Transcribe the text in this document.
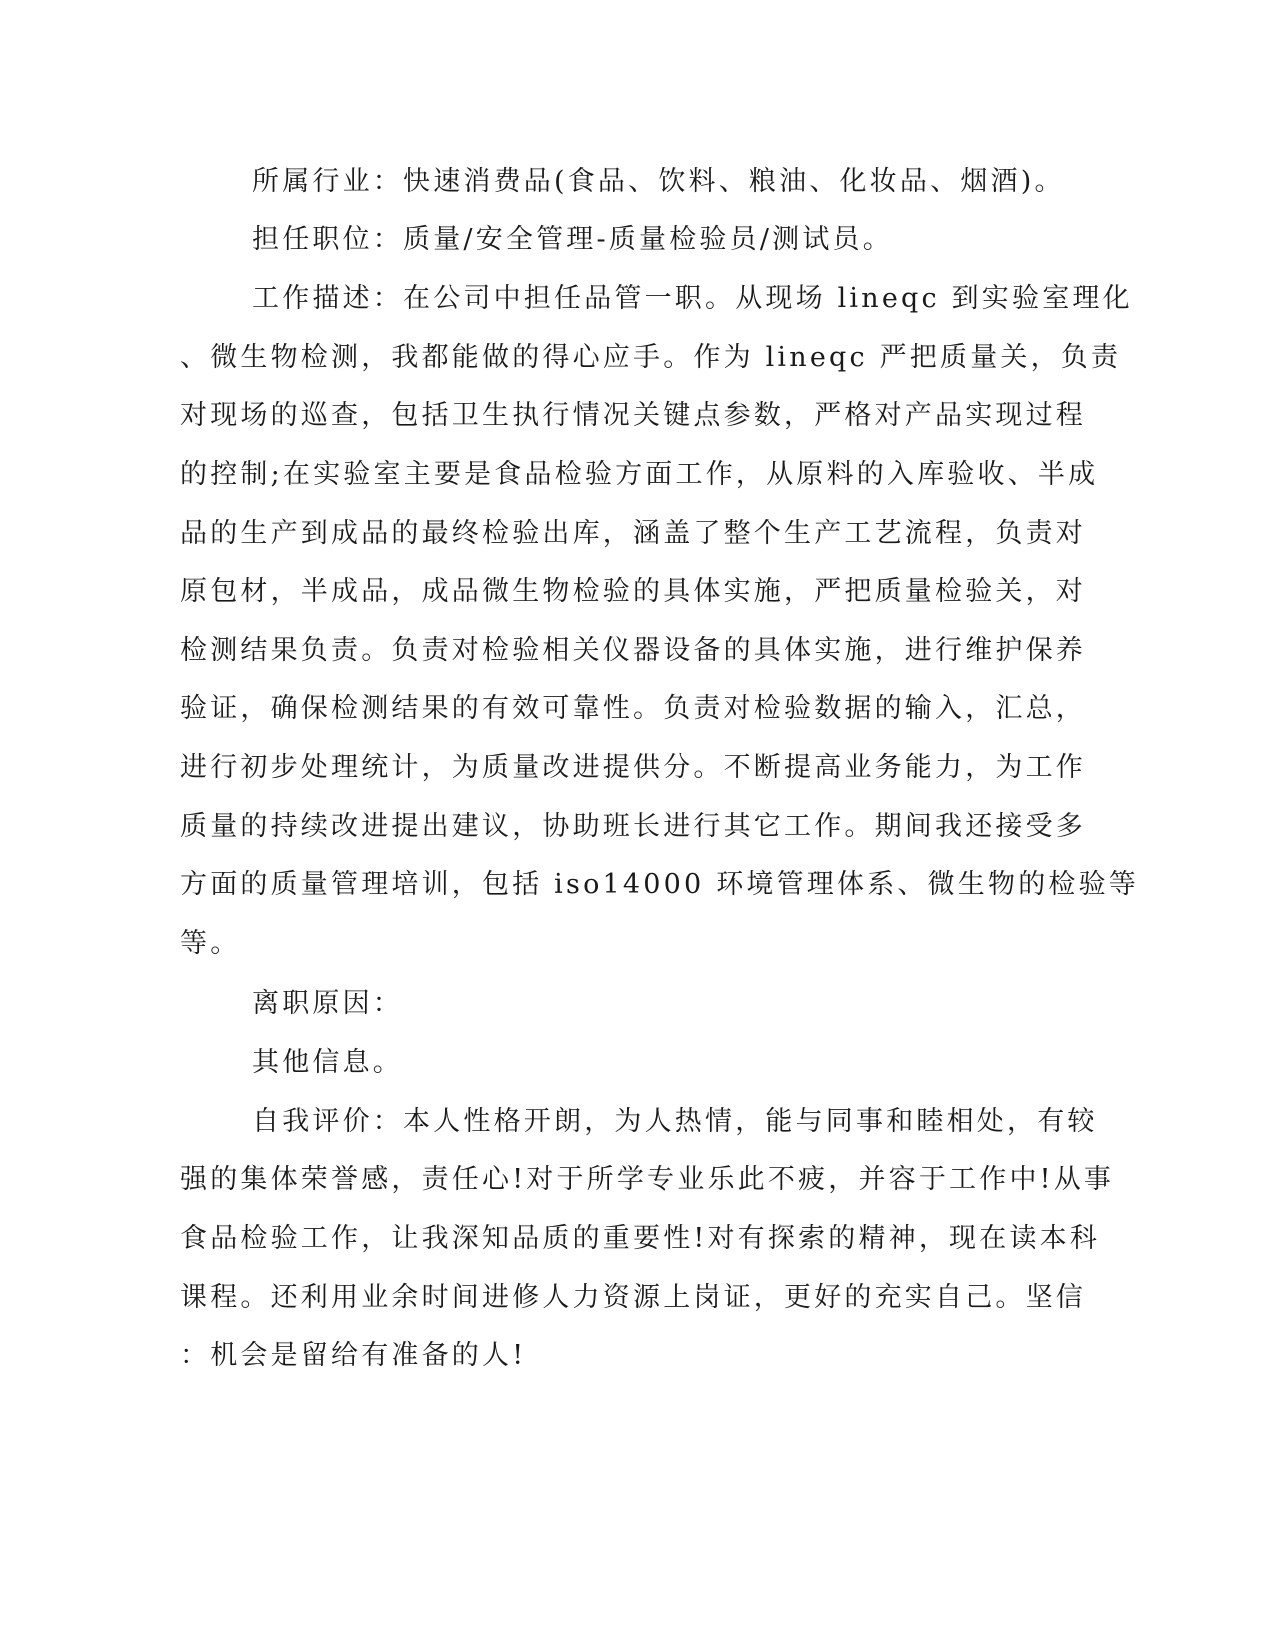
所属行业：快速消费品(食品、饮料、粮油、化妆品、烟酒)。

担任职位：质量/安全管理-质量检验员/测试员。

工作描述：在公司中担任品管一职。从现场 lineqc 到实验室理化

、微生物检测，我都能做的得心应手。作为 lineqc 严把质量关，负责

对现场的巡查，包括卫生执行情况关键点参数，严格对产品实现过程

的控制;在实验室主要是食品检验方面工作，从原料的入库验收、半成

品的生产到成品的最终检验出库，涵盖了整个生产工艺流程，负责对

原包材，半成品，成品微生物检验的具体实施，严把质量检验关，对

检测结果负责。负责对检验相关仪器设备的具体实施，进行维护保养

验证，确保检测结果的有效可靠性。负责对检验数据的输入，汇总，

进行初步处理统计，为质量改进提供分。不断提高业务能力，为工作

质量的持续改进提出建议，协助班长进行其它工作。期间我还接受多

方面的质量管理培训，包括 iso14000 环境管理体系、微生物的检验等

等。

离职原因：

其他信息。

自我评价：本人性格开朗，为人热情，能与同事和睦相处，有较

强的集体荣誉感，责任心!对于所学专业乐此不疲，并容于工作中!从事

食品检验工作，让我深知品质的重要性!对有探索的精神，现在读本科

课程。还利用业余时间进修人力资源上岗证，更好的充实自己。坚信

：机会是留给有准备的人!
